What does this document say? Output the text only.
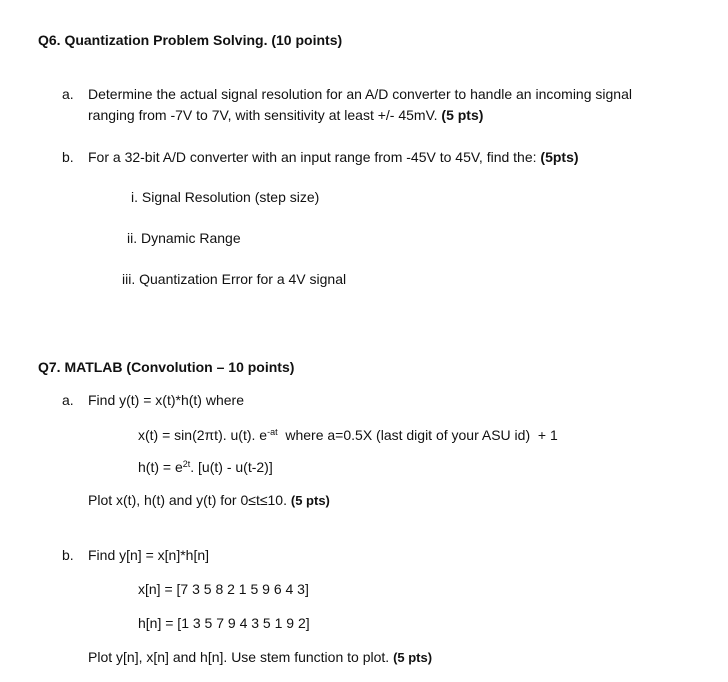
Q6. Quantization Problem Solving. (10 points)
a. Determine the actual signal resolution for an A/D converter to handle an incoming signal
ranging from -7V to 7V, with sensitivity at least +/- 45mV. (5 pts)
b. For a 32-bit A/D converter with an input range from -45V to 45V, find the: (5pts)
i. Signal Resolution (step size)
ii. Dynamic Range
iii. Quantization Error for a 4V signal
Q7. MATLAB (Convolution – 10 points)
a. Find y(t) = x(t)*h(t) where
x(t) = sin(2πt). u(t). $e^{-at}$  where a=0.5X (last digit of your ASU id)  + 1
$h(t) = e^{2t}$. [u(t) - u(t-2)]
Plot x(t), h(t) and y(t) for 0≤t≤10. (5 pts)
b. Find y[n] = x[n]*h[n]
x[n] = [7 3 5 8 2 1 5 9 6 4 3]
h[n] = [1 3 5 7 9 4 3 5 1 9 2]
Plot y[n], x[n] and h[n]. Use stem function to plot. (5 pts)
